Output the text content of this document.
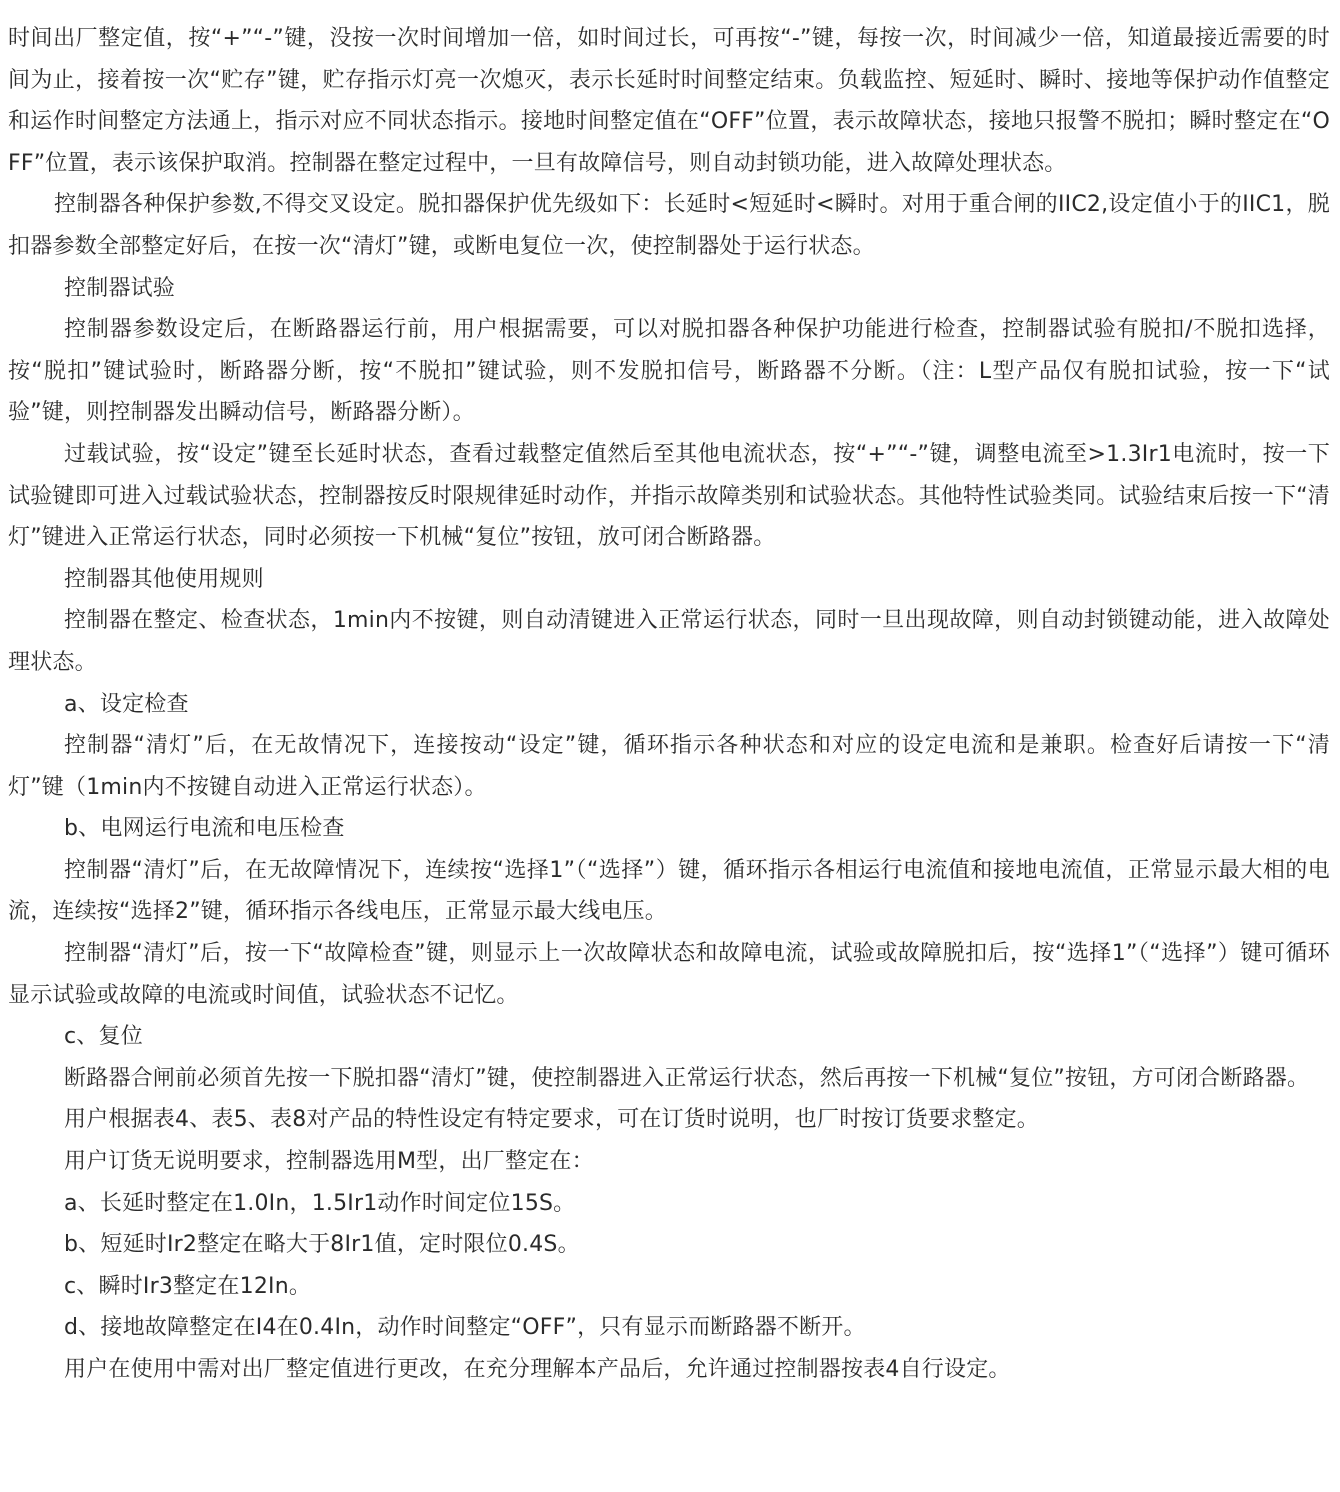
时间出厂整定值，按“+”“-”键，没按一次时间增加一倍，如时间过长，可再按“-”键，每按一次，时间减少一倍，知道最接近需要的时间为止，接着按一次“贮存”键，贮存指示灯亮一次熄灭，表示长延时时间整定结束。负载监控、短延时、瞬时、接地等保护动作值整定和运作时间整定方法通上，指示对应不同状态指示。接地时间整定值在“OFF”位置，表示故障状态，接地只报警不脱扣；瞬时整定在“OFF”位置，表示该保护取消。控制器在整定过程中，一旦有故障信号，则自动封锁功能，进入故障处理状态。

控制器各种保护参数,不得交叉设定。脱扣器保护优先级如下：长延时<短延时<瞬时。对用于重合闸的IIC2,设定值小于的IIC1，脱扣器参数全部整定好后，在按一次“清灯”键，或断电复位一次，使控制器处于运行状态。

控制器试验

控制器参数设定后，在断路器运行前，用户根据需要，可以对脱扣器各种保护功能进行检查，控制器试验有脱扣/不脱扣选择，按“脱扣”键试验时，断路器分断，按“不脱扣”键试验，则不发脱扣信号，断路器不分断。（注：L型产品仅有脱扣试验，按一下“试验”键，则控制器发出瞬动信号，断路器分断）。

过载试验，按“设定”键至长延时状态，查看过载整定值然后至其他电流状态，按“+”“-”键，调整电流至>1.3Ir1电流时，按一下试验键即可进入过载试验状态，控制器按反时限规律延时动作，并指示故障类别和试验状态。其他特性试验类同。试验结束后按一下“清灯”键进入正常运行状态，同时必须按一下机械“复位”按钮，放可闭合断路器。

控制器其他使用规则

控制器在整定、检查状态，1min内不按键，则自动清键进入正常运行状态，同时一旦出现故障，则自动封锁键动能，进入故障处理状态。

a、设定检查

控制器“清灯”后，在无故情况下，连接按动“设定”键，循环指示各种状态和对应的设定电流和是兼职。检查好后请按一下“清灯”键（1min内不按键自动进入正常运行状态）。

b、电网运行电流和电压检查

控制器“清灯”后，在无故障情况下，连续按“选择1”（“选择”）键，循环指示各相运行电流值和接地电流值，正常显示最大相的电流，连续按“选择2”键，循环指示各线电压，正常显示最大线电压。

控制器“清灯”后，按一下“故障检查”键，则显示上一次故障状态和故障电流，试验或故障脱扣后，按“选择1”（“选择”）键可循环显示试验或故障的电流或时间值，试验状态不记忆。

c、复位

断路器合闸前必须首先按一下脱扣器“清灯”键，使控制器进入正常运行状态，然后再按一下机械“复位”按钮，方可闭合断路器。

用户根据表4、表5、表8对产品的特性设定有特定要求，可在订货时说明，也厂时按订货要求整定。

用户订货无说明要求，控制器选用M型，出厂整定在：

a、长延时整定在1.0In，1.5Ir1动作时间定位15S。

b、短延时Ir2整定在略大于8Ir1值，定时限位0.4S。

c、瞬时Ir3整定在12In。

d、接地故障整定在I4在0.4In，动作时间整定“OFF”，只有显示而断路器不断开。

用户在使用中需对出厂整定值进行更改，在充分理解本产品后，允许通过控制器按表4自行设定。
